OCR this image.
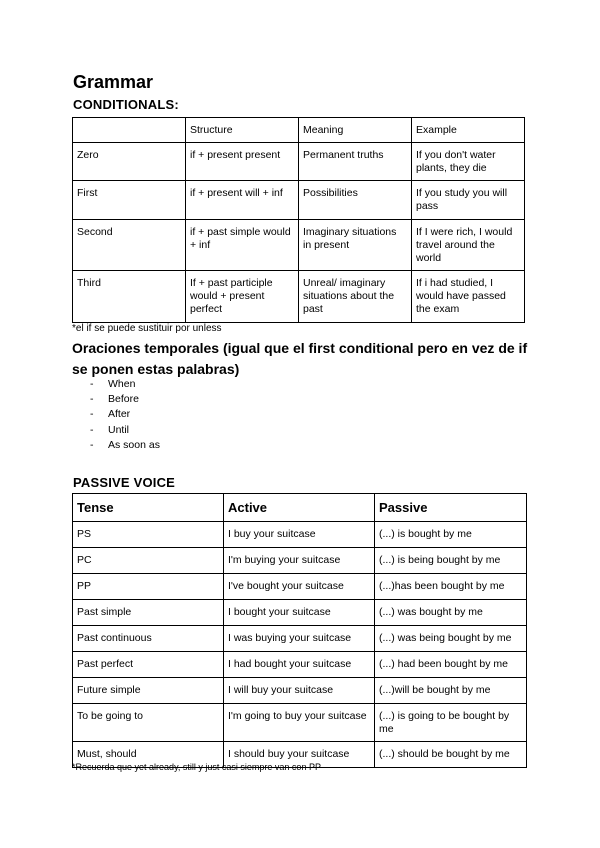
Grammar
CONDITIONALS:
	Structure	Meaning	Example
Zero	if + present present	Permanent truths	If you don't water plants, they die
First	if + present will + inf	Possibilities	If you study you will pass
Second	if + past simple would + inf	Imaginary situations in present	If I were rich, I would travel around the world
Third	If + past participle would + present perfect	Unreal/ imaginary situations about the past	If i had studied, I would have passed the exam
*el if se puede sustituir por unless
Oraciones temporales (igual que el first conditional pero en vez de if se ponen estas palabras)
- When
- Before
- After
- Until
- As soon as
PASSIVE VOICE
Tense	Active	Passive
PS	I buy your suitcase	(...) is bought by me
PC	I'm buying your suitcase	(...) is being bought by me
PP	I've bought your suitcase	(...)has been bought by me
Past simple	I bought your suitcase	(...) was bought by me
Past continuous	I was buying your suitcase	(...) was being bought by me
Past perfect	I had bought your suitcase	(...) had been bought by me
Future simple	I will buy your suitcase	(...)will be bought by me
To be going to	I'm going to buy your suitcase	(...) is going to be bought by me
Must, should	I should buy your suitcase	(...) should be bought by me
*Recuerda que yet already, still y just casi siempre van con PP
